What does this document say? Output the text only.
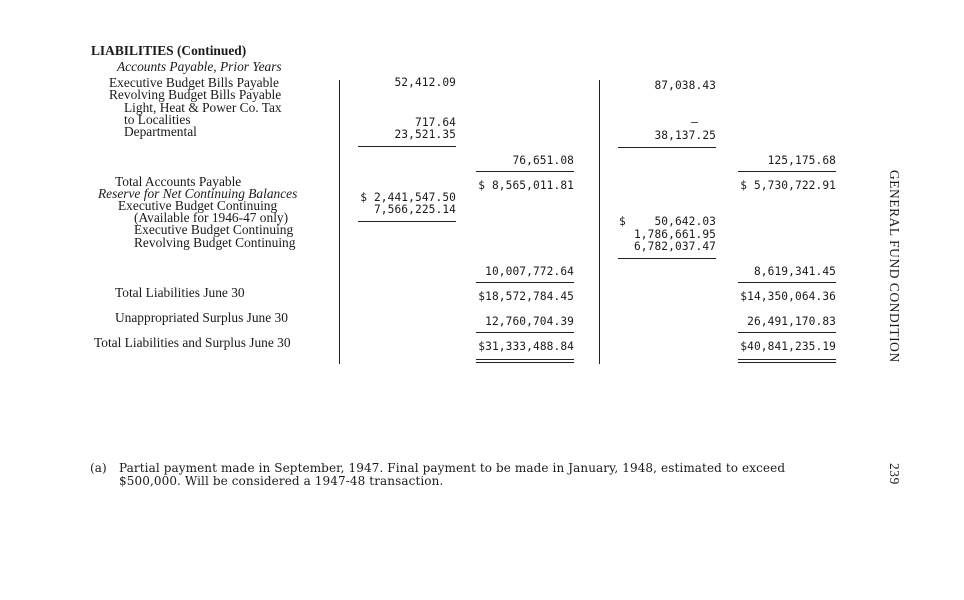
LIABILITIES (Continued)
Accounts Payable, Prior Years
Executive Budget Bills Payable
Revolving Budget Bills Payable
Light, Heat & Power Co. Tax
to Localities
Departmental
Total Accounts Payable
Reserve for Net Continuing Balances
Executive Budget Continuing
(Available for 1946-47 only)
Executive Budget Continuing
Revolving Budget Continuing
Total Liabilities June 30
Unappropriated Surplus June 30
Total Liabilities and Surplus June 30
52,412.09
717.64
23,521.35
$ 2,441,547.50
7,566,225.14
76,651.08
$ 8,565,011.81
10,007,772.64
$18,572,784.45
12,760,704.39
$31,333,488.84
87,038.43
—
38,137.25
$	50,642.03
1,786,661.95
6,782,037.47
125,175.68
$ 5,730,722.91
8,619,341.45
$14,350,064.36
26,491,170.83
$40,841,235.19	GENERAL FUND CONDITION
239
(a) Partial payment made in September, 1947. Final payment to be made in January, 1948, estimated to exceed
$500,000. Will be considered a 1947-48 transaction.
